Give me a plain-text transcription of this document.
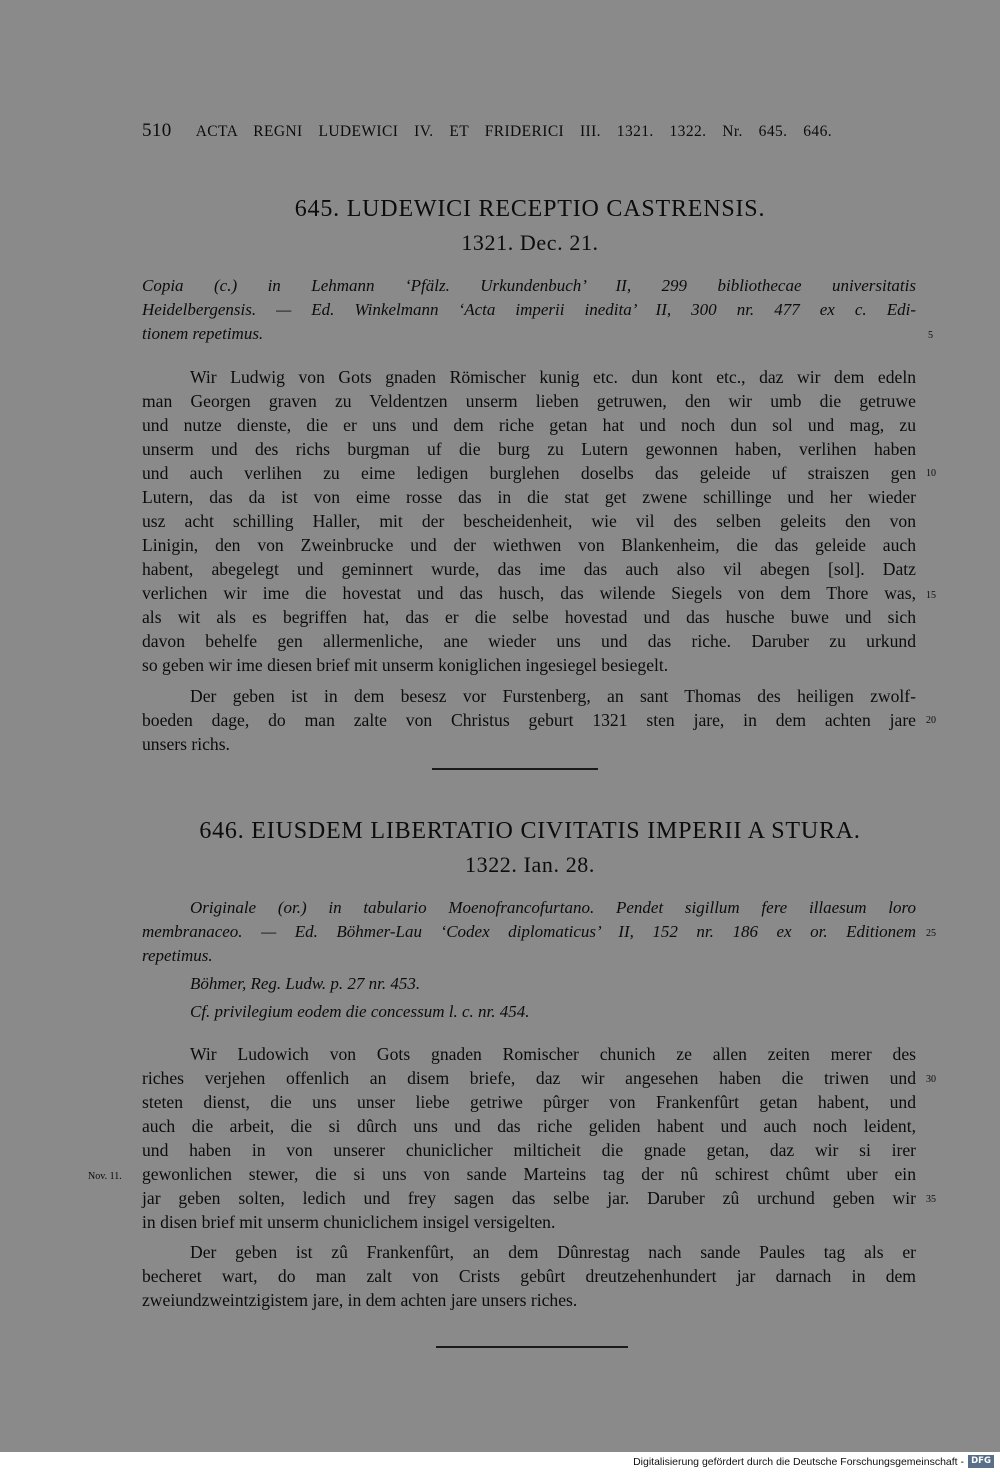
510 ACTA REGNI LUDEWICI IV. ET FRIDERICI III. 1321. 1322. Nr. 645. 646.
645. LUDEWICI RECEPTIO CASTRENSIS.
1321. Dec. 21.
Copia (c.) in Lehmann ‘Pfälz. Urkundenbuch’ II, 299 bibliothecae universitatis
Heidelbergensis. — Ed. Winkelmann ‘Acta imperii inedita’ II, 300 nr. 477 ex c. Edi-
tionem repetimus.
Wir Ludwig von Gots gnaden Römischer kunig etc. dun kont etc., daz wir dem edeln
man Georgen graven zu Veldentzen unserm lieben getruwen, den wir umb die getruwe
und nutze dienste, die er uns und dem riche getan hat und noch dun sol und mag, zu
unserm und des richs burgman uf die burg zu Lutern gewonnen haben, verlihen haben
und auch verlihen zu eime ledigen burglehen doselbs das geleide uf straiszen gen
Lutern, das da ist von eime rosse das in die stat get zwene schillinge und her wieder
usz acht schilling Haller, mit der bescheidenheit, wie vil des selben geleits den von
Linigin, den von Zweinbrucke und der wiethwen von Blankenheim, die das geleide auch
habent, abegelegt und geminnert wurde, das ime das auch also vil abegen [sol]. Datz
verlichen wir ime die hovestat und das husch, das wilende Siegels von dem Thore was,
als wit als es begriffen hat, das er die selbe hovestad und das husche buwe und sich
davon behelfe gen allermenliche, ane wieder uns und das riche. Daruber zu urkund
so geben wir ime diesen brief mit unserm koniglichen ingesiegel besiegelt.
Der geben ist in dem besesz vor Furstenberg, an sant Thomas des heiligen zwolf-
boeden dage, do man zalte von Christus geburt 1321 sten jare, in dem achten jare
unsers richs.
646. EIUSDEM LIBERTATIO CIVITATIS IMPERII A STURA.
1322. Ian. 28.
Originale (or.) in tabulario Moenofrancofurtano. Pendet sigillum fere illaesum loro
membranaceo. — Ed. Böhmer-Lau ‘Codex diplomaticus’ II, 152 nr. 186 ex or. Editionem
repetimus.
Böhmer, Reg. Ludw. p. 27 nr. 453.
Cf. privilegium eodem die concessum l. c. nr. 454.
Wir Ludowich von Gots gnaden Romischer chunich ze allen zeiten merer des
riches verjehen offenlich an disem briefe, daz wir angesehen haben die triwen und
steten dienst, die uns unser liebe getriwe pûrger von Frankenfûrt getan habent, und
auch die arbeit, die si dûrch uns und das riche geliden habent und auch noch leident,
und haben in von unserer chuniclicher milticheit die gnade getan, daz wir si irer
gewonlichen stewer, die si uns von sande Marteins tag der nû schirest chûmt uber ein
jar geben solten, ledich und frey sagen das selbe jar. Daruber zû urchund geben wir
in disen brief mit unserm chuniclichem insigel versigelten.
Der geben ist zû Frankenfûrt, an dem Dûnrestag nach sande Paules tag als er
becheret wart, do man zalt von Crists gebûrt dreutzehenhundert jar darnach in dem
zweiundzweintzigistem jare, in dem achten jare unsers riches.
Nov. 11.
5
10
15
20
25
30
35
Digitalisierung gefördert durch die Deutsche Forschungsgemeinschaft - DFG
